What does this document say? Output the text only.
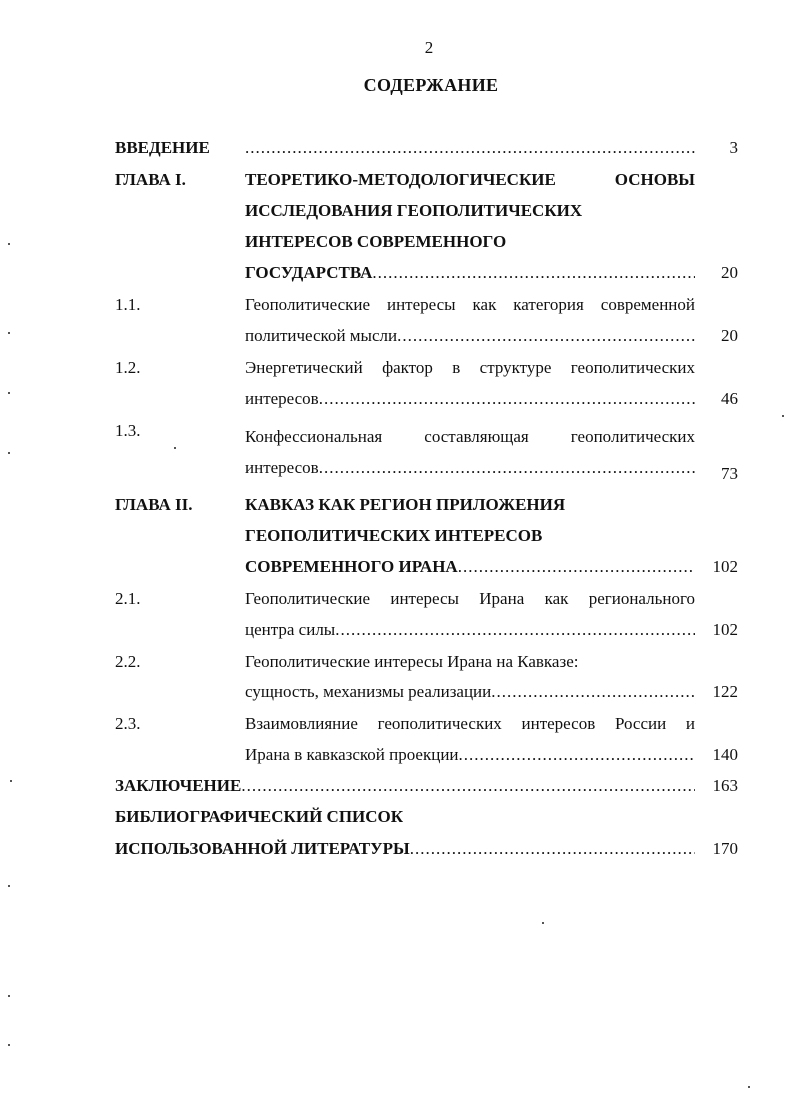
2
СОДЕРЖАНИЕ
ВВЕДЕНИЕ .....	3
ГЛАВА I.	ТЕОРЕТИКО-МЕТОДОЛОГИЧЕСКИЕ ОСНОВЫ
ИССЛЕДОВАНИЯ ГЕОПОЛИТИЧЕСКИХ
ИНТЕРЕСОВ СОВРЕМЕННОГО
ГОСУДАРСТВА .....	20
1.1.	Геополитические интересы как категория современной
политической мысли .....	20
1.2.	Энергетический фактор в структуре геополитических
интересов .....	46
1.3.	Конфессиональная составляющая геополитических
интересов .....	73
ГЛАВА II.	КАВКАЗ КАК РЕГИОН ПРИЛОЖЕНИЯ
ГЕОПОЛИТИЧЕСКИХ ИНТЕРЕСОВ
СОВРЕМЕННОГО ИРАНА .....	102
2.1.	Геополитические интересы Ирана как регионального
центра силы .....	102
2.2.	Геополитические интересы Ирана на Кавказе:
сущность, механизмы реализации .....	122
2.3.	Взаимовлияние геополитических интересов России и
Ирана в кавказской проекции .....	140
ЗАКЛЮЧЕНИЕ .....	163
БИБЛИОГРАФИЧЕСКИЙ СПИСОК
ИСПОЛЬЗОВАННОЙ ЛИТЕРАТУРЫ .....	170
